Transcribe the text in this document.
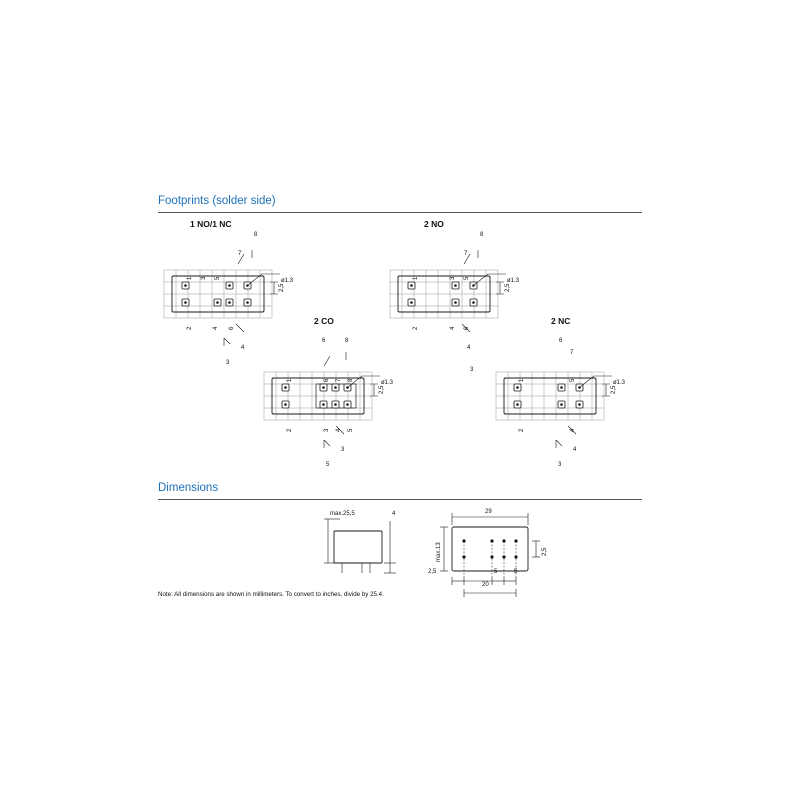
Footprints (solder side)
1 NO/1 NC
1 3 5
2	4 6
ø1.3
2,5
8
7
4
3
2 NO
1	3 5
2	4 6
ø1.3
2,5
8
7
4
3
2 CO
6	8
1	6 7 8
2	3 4 5
ø1.3
2,5
3
5
2 NC
6
7
1	5
2	4
ø1.3
2,5
4
3
Dimensions
max.25,5	4	29
max.13	2,5
2,5	5	5
20
Note: All dimensions are shown in millimeters. To convert to inches, divide by 25.4.
